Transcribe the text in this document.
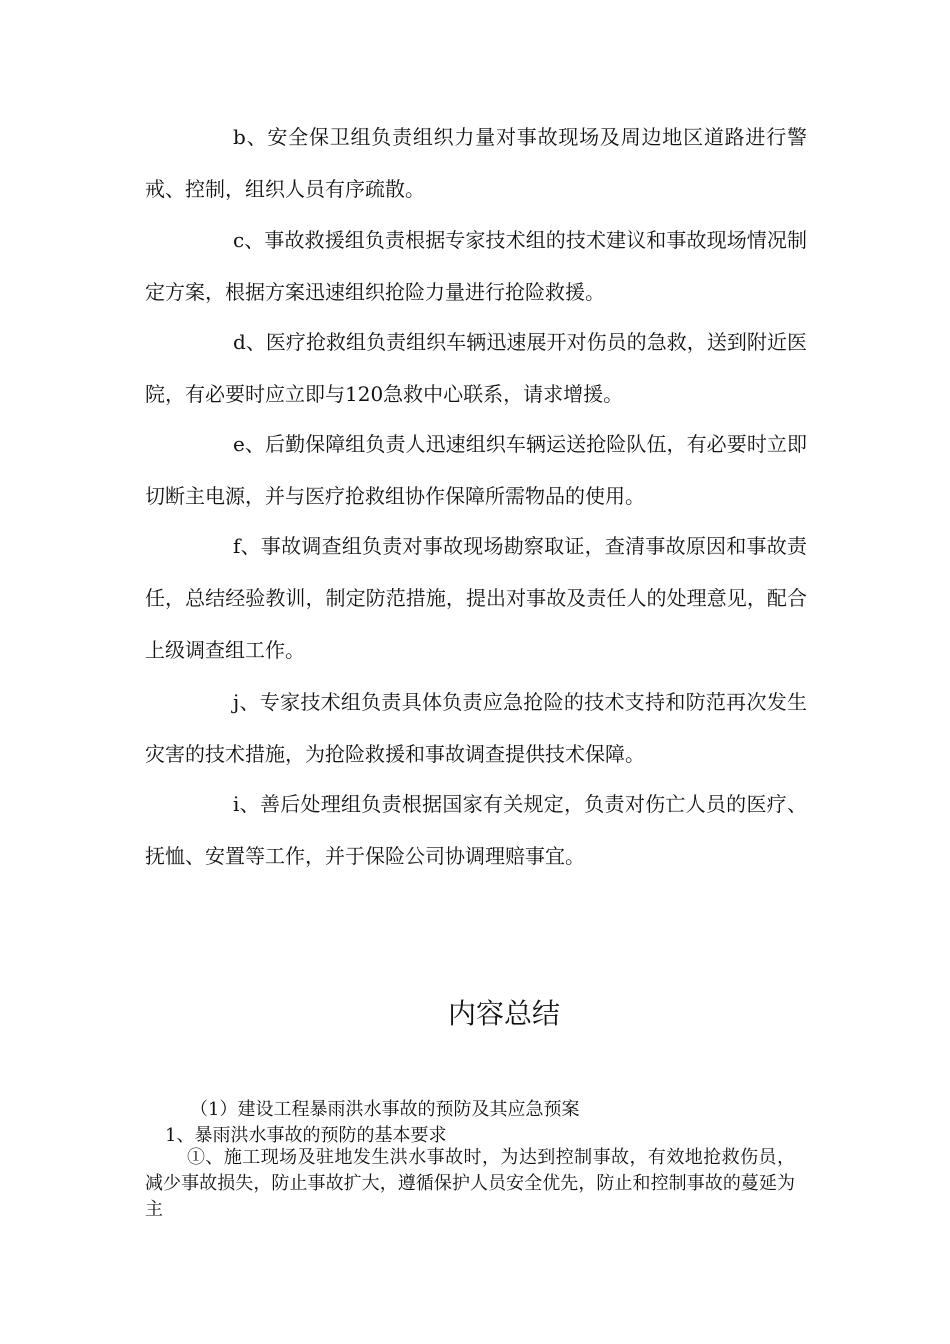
b、安全保卫组负责组织力量对事故现场及周边地区道路进行警戒、控制，组织人员有序疏散。

c、事故救援组负责根据专家技术组的技术建议和事故现场情况制定方案，根据方案迅速组织抢险力量进行抢险救援。

d、医疗抢救组负责组织车辆迅速展开对伤员的急救，送到附近医院，有必要时应立即与120急救中心联系，请求增援。

e、后勤保障组负责人迅速组织车辆运送抢险队伍，有必要时立即切断主电源，并与医疗抢救组协作保障所需物品的使用。

f、事故调查组负责对事故现场勘察取证，查清事故原因和事故责任，总结经验教训，制定防范措施，提出对事故及责任人的处理意见，配合上级调查组工作。

j、专家技术组负责具体负责应急抢险的技术支持和防范再次发生灾害的技术措施，为抢险救援和事故调查提供技术保障。

i、善后处理组负责根据国家有关规定，负责对伤亡人员的医疗、抚恤、安置等工作，并于保险公司协调理赔事宜。

内容总结

（1）建设工程暴雨洪水事故的预防及其应急预案

1、暴雨洪水事故的预防的基本要求

①、施工现场及驻地发生洪水事故时，为达到控制事故，有效地抢救伤员，减少事故损失，防止事故扩大，遵循保护人员安全优先，防止和控制事故的蔓延为主
